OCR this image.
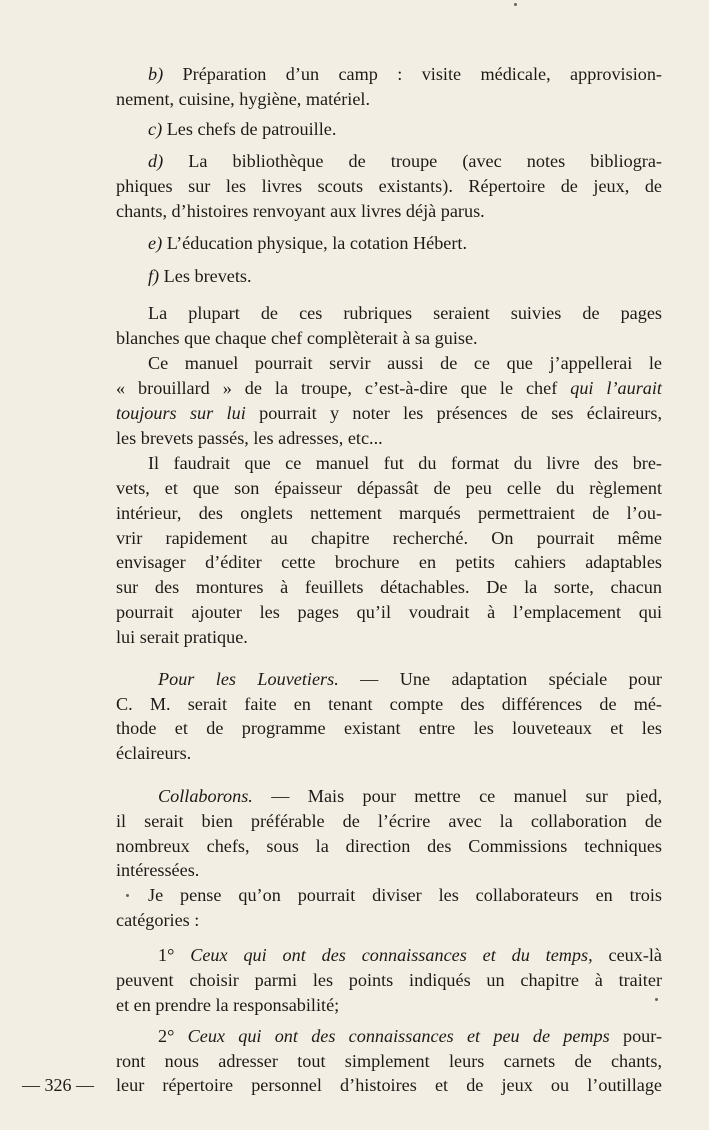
b) Préparation d’un camp : visite médicale, approvision-
nement, cuisine, hygiène, matériel.
c) Les chefs de patrouille.
d) La bibliothèque de troupe (avec notes bibliogra-
phiques sur les livres scouts existants). Répertoire de jeux, de
chants, d’histoires renvoyant aux livres déjà parus.
e) L’éducation physique, la cotation Hébert.
f) Les brevets.
La plupart de ces rubriques seraient suivies de pages
blanches que chaque chef complèterait à sa guise.
Ce manuel pourrait servir aussi de ce que j’appellerai le
« brouillard » de la troupe, c’est-à-dire que le chef qui l’aurait
toujours sur lui pourrait y noter les présences de ses éclaireurs,
les brevets passés, les adresses, etc...
Il faudrait que ce manuel fut du format du livre des bre-
vets, et que son épaisseur dépassât de peu celle du règlement
intérieur, des onglets nettement marqués permettraient de l’ou-
vrir rapidement au chapitre recherché. On pourrait même
envisager d’éditer cette brochure en petits cahiers adaptables
sur des montures à feuillets détachables. De la sorte, chacun
pourrait ajouter les pages qu’il voudrait à l’emplacement qui
lui serait pratique.
Pour les Louvetiers. — Une adaptation spéciale pour
C. M. serait faite en tenant compte des différences de mé-
thode et de programme existant entre les louveteaux et les
éclaireurs.
Collaborons. — Mais pour mettre ce manuel sur pied,
il serait bien préférable de l’écrire avec la collaboration de
nombreux chefs, sous la direction des Commissions techniques
intéressées.
Je pense qu’on pourrait diviser les collaborateurs en trois
catégories :
1° Ceux qui ont des connaissances et du temps, ceux-là
peuvent choisir parmi les points indiqués un chapitre à traiter
et en prendre la responsabilité;
2° Ceux qui ont des connaissances et peu de pemps pour-
ront nous adresser tout simplement leurs carnets de chants,
leur répertoire personnel d’histoires et de jeux ou l’outillage
— 326 —
